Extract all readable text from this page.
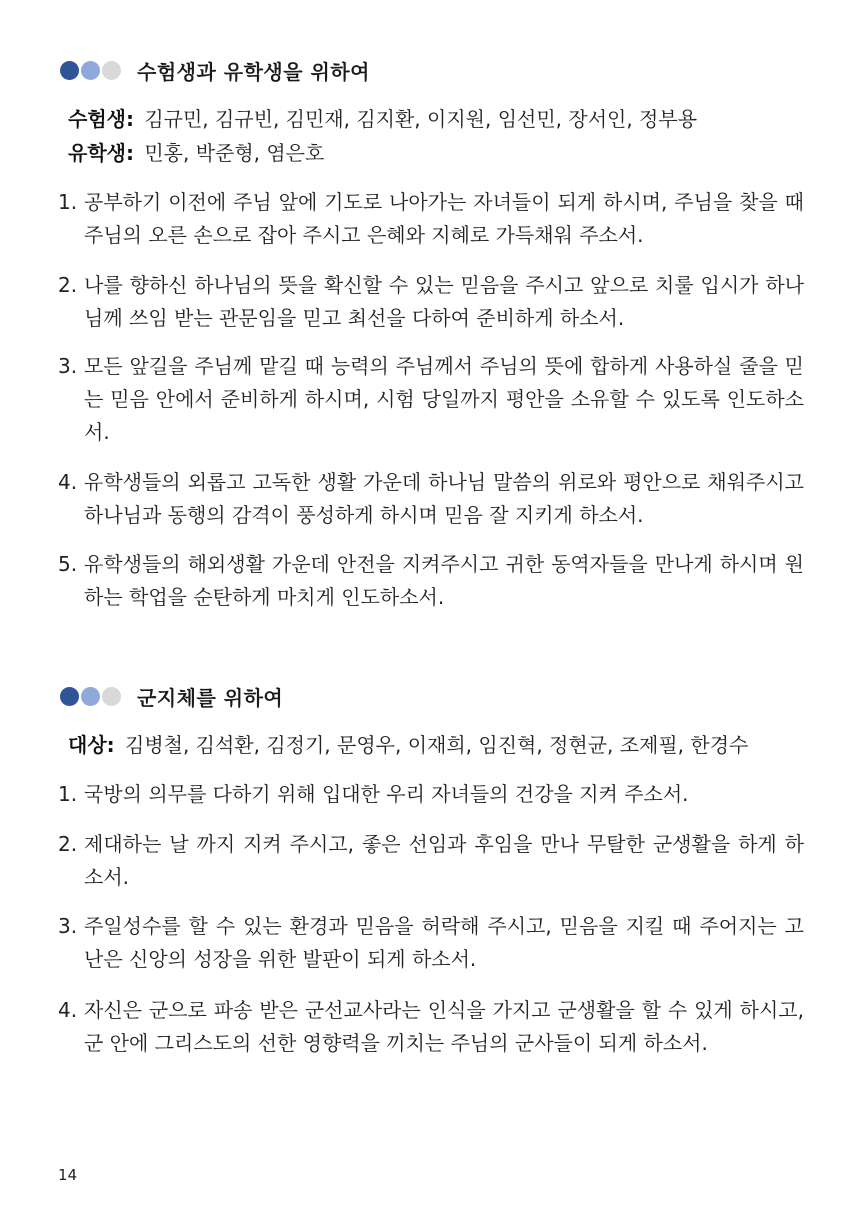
수험생과 유학생을 위하여
수험생: 김규민, 김규빈, 김민재, 김지환, 이지원, 임선민, 장서인, 정부용
유학생: 민홍, 박준형, 염은호
1. 공부하기 이전에 주님 앞에 기도로 나아가는 자녀들이 되게 하시며, 주님을 찾을 때 주님의 오른 손으로 잡아 주시고 은혜와 지혜로 가득채워 주소서.
2. 나를 향하신 하나님의 뜻을 확신할 수 있는 믿음을 주시고 앞으로 치룰 입시가 하나님께 쓰임 받는 관문임을 믿고 최선을 다하여 준비하게 하소서.
3. 모든 앞길을 주님께 맡길 때 능력의 주님께서 주님의 뜻에 합하게 사용하실 줄을 믿는 믿음 안에서 준비하게 하시며, 시험 당일까지 평안을 소유할 수 있도록 인도하소서.
4. 유학생들의 외롭고 고독한 생활 가운데 하나님 말씀의 위로와 평안으로 채워주시고 하나님과 동행의 감격이 풍성하게 하시며 믿음 잘 지키게 하소서.
5. 유학생들의 해외생활 가운데 안전을 지켜주시고 귀한 동역자들을 만나게 하시며 원하는 학업을 순탄하게 마치게 인도하소서.
군지체를 위하여
대상: 김병철, 김석환, 김정기, 문영우, 이재희, 임진혁, 정현균, 조제필, 한경수
1. 국방의 의무를 다하기 위해 입대한 우리 자녀들의 건강을 지켜 주소서.
2. 제대하는 날 까지 지켜 주시고, 좋은 선임과 후임을 만나 무탈한 군생활을 하게 하소서.
3. 주일성수를 할 수 있는 환경과 믿음을 허락해 주시고, 믿음을 지킬 때 주어지는 고난은 신앙의 성장을 위한 발판이 되게 하소서.
4. 자신은 군으로 파송 받은 군선교사라는 인식을 가지고 군생활을 할 수 있게 하시고, 군 안에 그리스도의 선한 영향력을 끼치는 주님의 군사들이 되게 하소서.
14
